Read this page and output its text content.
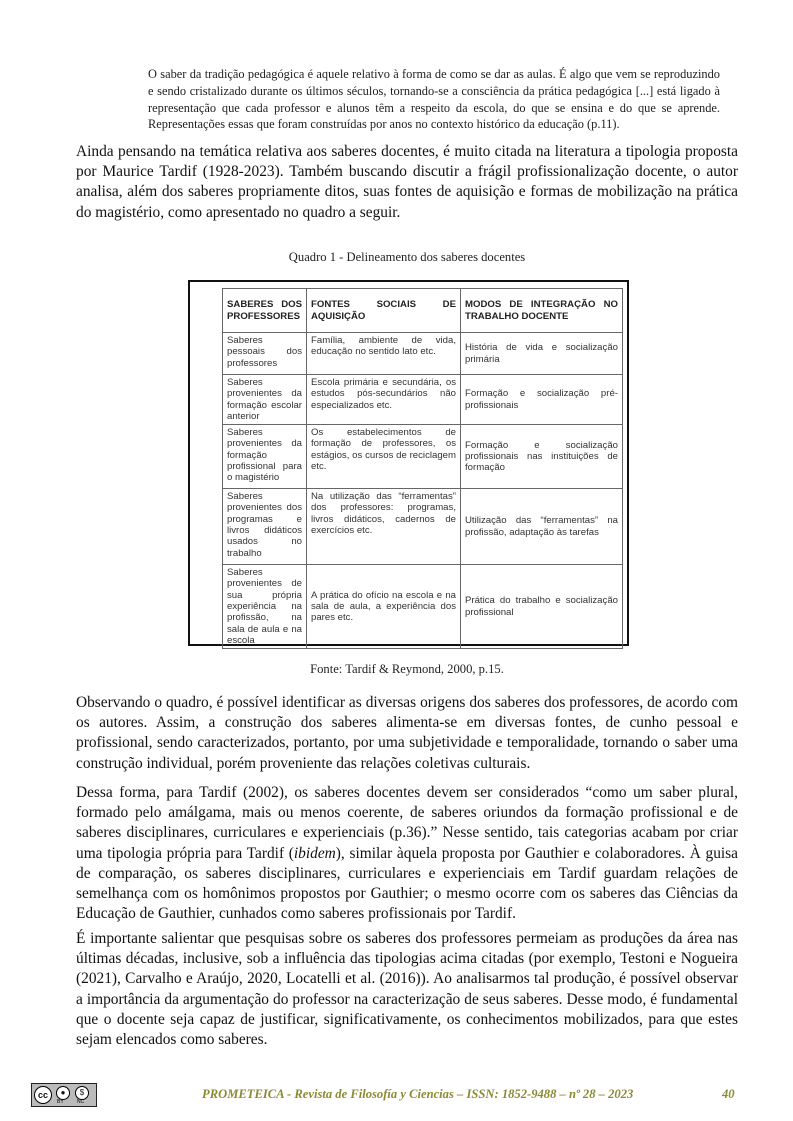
O saber da tradição pedagógica é aquele relativo à forma de como se dar as aulas. É algo que vem se reproduzindo e sendo cristalizado durante os últimos séculos, tornando-se a consciência da prática pedagógica [...] está ligado à representação que cada professor e alunos têm a respeito da escola, do que se ensina e do que se aprende. Representações essas que foram construídas por anos no contexto histórico da educação (p.11).

Ainda pensando na temática relativa aos saberes docentes, é muito citada na literatura a tipologia proposta por Maurice Tardif (1928-2023). Também buscando discutir a frágil profissionalização docente, o autor analisa, além dos saberes propriamente ditos, suas fontes de aquisição e formas de mobilização na prática do magistério, como apresentado no quadro a seguir.

Quadro 1 - Delineamento dos saberes docentes
SABERES DOS PROFESSORES	FONTES SOCIAIS DE AQUISIÇÃO	MODOS DE INTEGRAÇÃO NO TRABALHO DOCENTE
Saberes pessoais dos professores	Família, ambiente de vida, educação no sentido lato etc.	História de vida e socialização primária
Saberes provenientes da formação escolar anterior	Escola primária e secundária, os estudos pós-secundários não especializados etc.	Formação e socialização pré-profissionais
Saberes provenientes da formação profissional para o magistério	Os estabelecimentos de formação de professores, os estágios, os cursos de reciclagem etc.	Formação e socialização profissionais nas instituições de formação
Saberes provenientes dos programas e livros didáticos usados no trabalho	Na utilização das “ferramentas” dos professores: programas, livros didáticos, cadernos de exercícios etc.	Utilização das “ferramentas” na profissão, adaptação às tarefas
Saberes provenientes de sua própria experiência na profissão, na sala de aula e na escola	A prática do ofício na escola e na sala de aula, a experiência dos pares etc.	Prática do trabalho e socialização profissional
Fonte: Tardif & Reymond, 2000, p.15.

Observando o quadro, é possível identificar as diversas origens dos saberes dos professores, de acordo com os autores. Assim, a construção dos saberes alimenta-se em diversas fontes, de cunho pessoal e profissional, sendo caracterizados, portanto, por uma subjetividade e temporalidade, tornando o saber uma construção individual, porém proveniente das relações coletivas culturais.

Dessa forma, para Tardif (2002), os saberes docentes devem ser considerados “como um saber plural, formado pelo amálgama, mais ou menos coerente, de saberes oriundos da formação profissional e de saberes disciplinares, curriculares e experienciais (p.36).” Nesse sentido, tais categorias acabam por criar uma tipologia própria para Tardif (ibidem), similar àquela proposta por Gauthier e colaboradores. À guisa de comparação, os saberes disciplinares, curriculares e experienciais em Tardif guardam relações de semelhança com os homônimos propostos por Gauthier; o mesmo ocorre com os saberes das Ciências da Educação de Gauthier, cunhados como saberes profissionais por Tardif.

É importante salientar que pesquisas sobre os saberes dos professores permeiam as produções da área nas últimas décadas, inclusive, sob a influência das tipologias acima citadas (por exemplo, Testoni e Nogueira (2021), Carvalho e Araújo, 2020, Locatelli et al. (2016)). Ao analisarmos tal produção, é possível observar a importância da argumentação do professor na caracterização de seus saberes. Desse modo, é fundamental que o docente seja capaz de justificar, significativamente, os conhecimentos mobilizados, para que estes sejam elencados como saberes.

cc	●	$
BY	NC
PROMETEICA - Revista de Filosofía y Ciencias – ISSN: 1852-9488 – nº 28 – 2023	40
